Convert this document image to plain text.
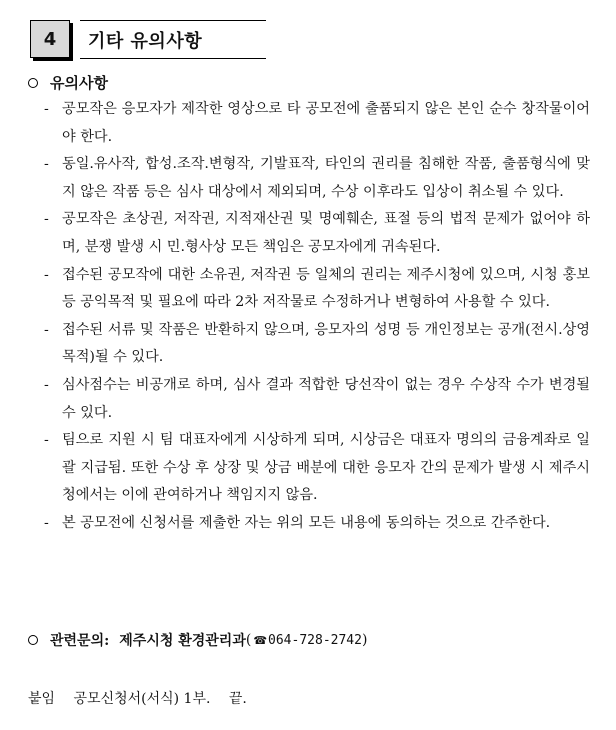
4	기타 유의사항
유의사항
- 공모작은 응모자가 제작한 영상으로 타 공모전에 출품되지 않은 본인 순수 창작물이어야 한다.
- 동일.유사작, 합성.조작.변형작, 기발표작, 타인의 권리를 침해한 작품, 출품형식에 맞지 않은 작품 등은 심사 대상에서 제외되며, 수상 이후라도 입상이 취소될 수 있다.
- 공모작은 초상권, 저작권, 지적재산권 및 명예훼손, 표절 등의 법적 문제가 없어야 하며, 분쟁 발생 시 민.형사상 모든 책임은 공모자에게 귀속된다.
- 접수된 공모작에 대한 소유권, 저작권 등 일체의 권리는 제주시청에 있으며, 시청 홍보 등 공익목적 및 필요에 따라 2차 저작물로 수정하거나 변형하여 사용할 수 있다.
- 접수된 서류 및 작품은 반환하지 않으며, 응모자의 성명 등 개인정보는 공개(전시.상영 목적)될 수 있다.
- 심사점수는 비공개로 하며, 심사 결과 적합한 당선작이 없는 경우 수상작 수가 변경될 수 있다.
- 팀으로 지원 시 팀 대표자에게 시상하게 되며, 시상금은 대표자 명의의 금융계좌로 일괄 지급됨. 또한 수상 후 상장 및 상금 배분에 대한 응모자 간의 문제가 발생 시 제주시청에서는 이에 관여하거나 책임지지 않음.
- 본 공모전에 신청서를 제출한 자는 위의 모든 내용에 동의하는 것으로 간주한다.
관련문의: 제주시청 환경관리과 ( ☎ 064-728-2742 )
붙임 공모신청서(서식) 1부. 끝.
